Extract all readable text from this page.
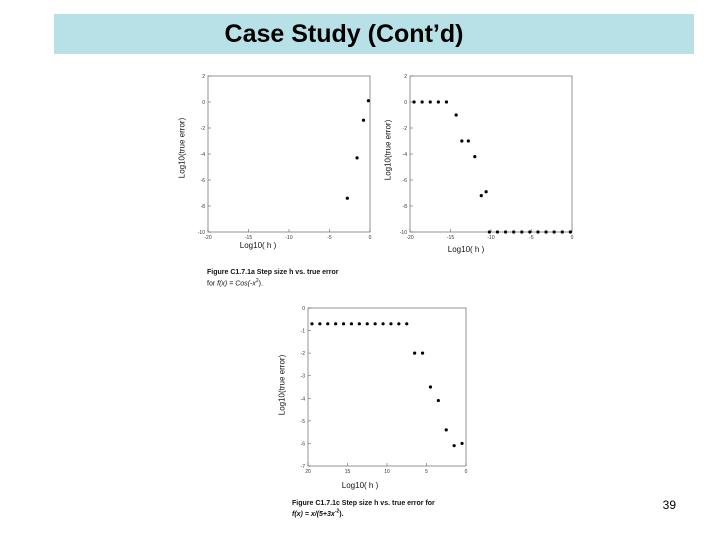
Case Study (Cont’d)
-20	-15	-10	-5	0
2
0
-2
-4
-6
-8
-10
Log10( h )
Log10(true error)
-20	-15	-10	-5	0
2
0
-2
-4
-6
-8
-10
Log10( h )
Log10(true error)
20	15	10	5	0
0
-1
-2
-3
-4
-5
-6
-7
Log10( h )
Log10(true error)
Figure C1.7.1a Step size h vs. true error
for $f(x) = Cos(-x^2)$.
Figure C1.7.1c Step size h vs. true error for
$f(x) = x/(5+3x^{-2})$.
39
